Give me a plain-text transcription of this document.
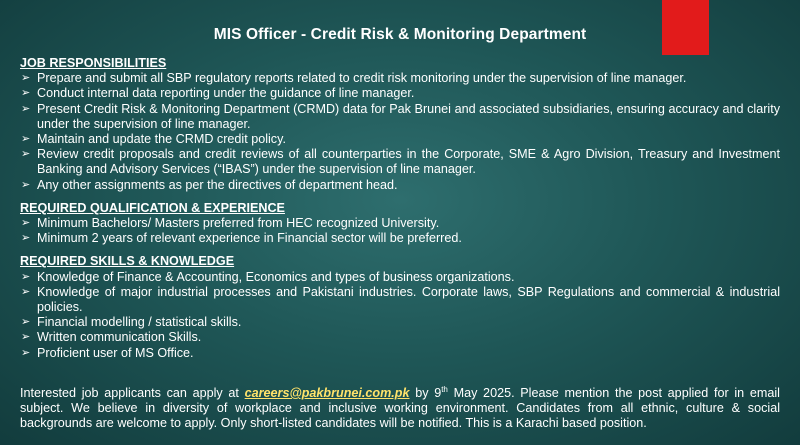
MIS Officer - Credit Risk & Monitoring Department

JOB RESPONSIBILITIES

➢ Prepare and submit all SBP regulatory reports related to credit risk monitoring under the supervision of line manager.
➢ Conduct internal data reporting under the guidance of line manager.
➢ Present Credit Risk & Monitoring Department (CRMD) data for Pak Brunei and associated subsidiaries, ensuring accuracy and clarity under the supervision of line manager.
➢ Maintain and update the CRMD credit policy.
➢ Review credit proposals and credit reviews of all counterparties in the Corporate, SME & Agro Division, Treasury and Investment Banking and Advisory Services (“IBAS”) under the supervision of line manager.
➢ Any other assignments as per the directives of department head.

REQUIRED QUALIFICATION & EXPERIENCE

➢ Minimum Bachelors/ Masters preferred from HEC recognized University.
➢ Minimum 2 years of relevant experience in Financial sector will be preferred.

REQUIRED SKILLS & KNOWLEDGE

➢ Knowledge of Finance & Accounting, Economics and types of business organizations.
➢ Knowledge of major industrial processes and Pakistani industries. Corporate laws, SBP Regulations and commercial & industrial policies.
➢ Financial modelling / statistical skills.
➢ Written communication Skills.
➢ Proficient user of MS Office.
Interested job applicants can apply at careers@pakbrunei.com.pk by 9th May 2025. Please mention the post applied for in email subject. We believe in diversity of workplace and inclusive working environment. Candidates from all ethnic, culture & social backgrounds are welcome to apply. Only short-listed candidates will be notified. This is a Karachi based position.
